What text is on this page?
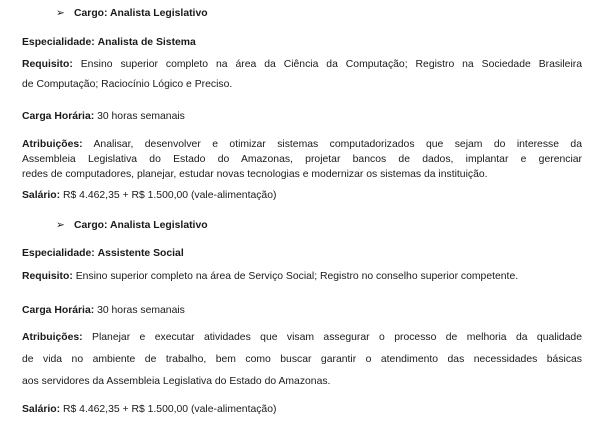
➢ Cargo: Analista Legislativo
Especialidade: Analista de Sistema
Requisito: Ensino superior completo na área da Ciência da Computação; Registro na Sociedade Brasileira
de Computação; Raciocínio Lógico e Preciso.
Carga Horária: 30 horas semanais
Atribuições: Analisar, desenvolver e otimizar sistemas computadorizados que sejam do interesse da
Assembleia Legislativa do Estado do Amazonas, projetar bancos de dados, implantar e gerenciar
redes de computadores, planejar, estudar novas tecnologias e modernizar os sistemas da instituição.
Salário: R$ 4.462,35 + R$ 1.500,00 (vale-alimentação)
➢ Cargo: Analista Legislativo
Especialidade: Assistente Social
Requisito: Ensino superior completo na área de Serviço Social; Registro no conselho superior competente.
Carga Horária: 30 horas semanais
Atribuições: Planejar e executar atividades que visam assegurar o processo de melhoria da qualidade
de vida no ambiente de trabalho, bem como buscar garantir o atendimento das necessidades básicas
aos servidores da Assembleia Legislativa do Estado do Amazonas.
Salário: R$ 4.462,35 + R$ 1.500,00 (vale-alimentação)
